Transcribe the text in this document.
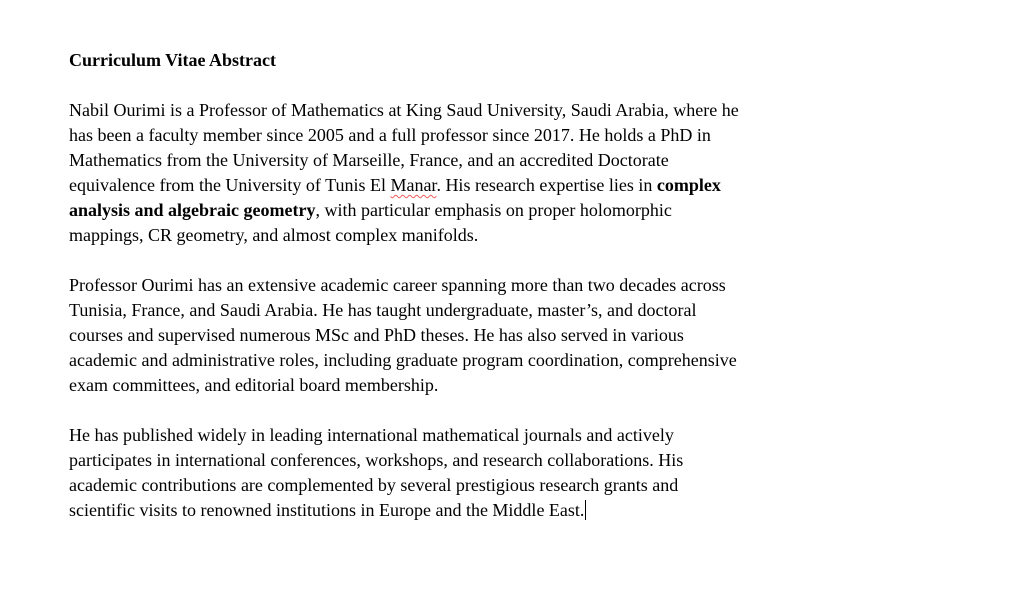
Curriculum Vitae Abstract
Nabil Ourimi is a Professor of Mathematics at King Saud University, Saudi Arabia, where he
has been a faculty member since 2005 and a full professor since 2017. He holds a PhD in
Mathematics from the University of Marseille, France, and an accredited Doctorate
equivalence from the University of Tunis El Manar. His research expertise lies in complex
analysis and algebraic geometry, with particular emphasis on proper holomorphic
mappings, CR geometry, and almost complex manifolds.
Professor Ourimi has an extensive academic career spanning more than two decades across
Tunisia, France, and Saudi Arabia. He has taught undergraduate, master’s, and doctoral
courses and supervised numerous MSc and PhD theses. He has also served in various
academic and administrative roles, including graduate program coordination, comprehensive
exam committees, and editorial board membership.
He has published widely in leading international mathematical journals and actively
participates in international conferences, workshops, and research collaborations. His
academic contributions are complemented by several prestigious research grants and
scientific visits to renowned institutions in Europe and the Middle East.
